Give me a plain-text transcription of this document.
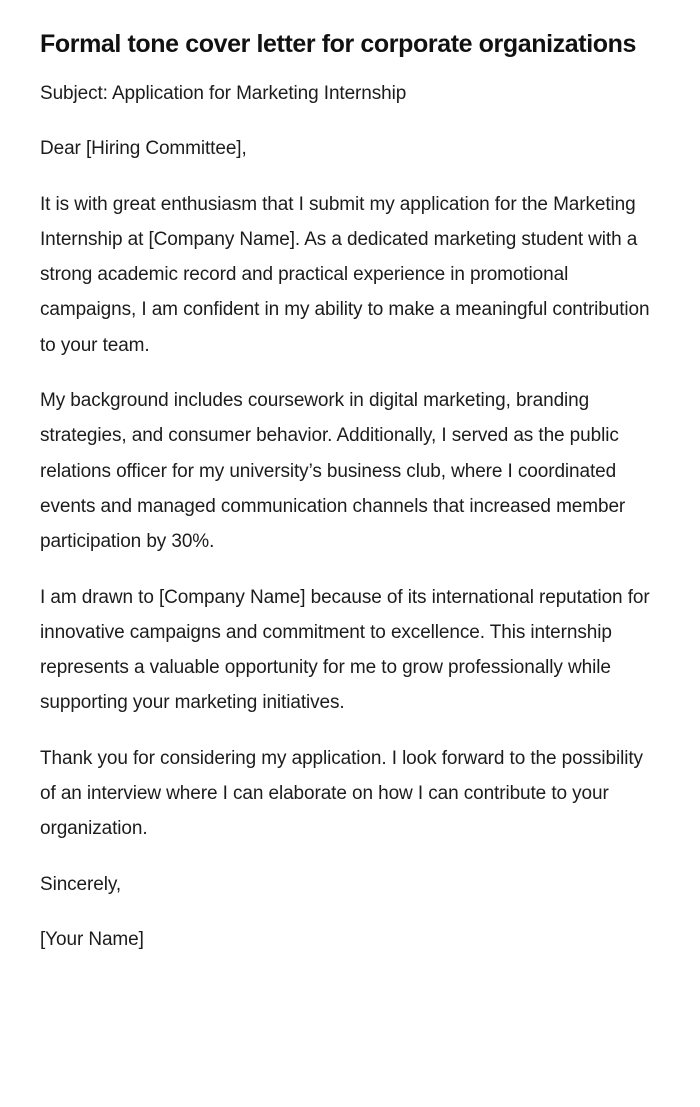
Formal tone cover letter for corporate organizations

Subject: Application for Marketing Internship

Dear [Hiring Committee],

It is with great enthusiasm that I submit my application for the Marketing Internship at [Company Name]. As a dedicated marketing student with a strong academic record and practical experience in promotional campaigns, I am confident in my ability to make a meaningful contribution to your team.

My background includes coursework in digital marketing, branding strategies, and consumer behavior. Additionally, I served as the public relations officer for my university’s business club, where I coordinated events and managed communication channels that increased member participation by 30%.

I am drawn to [Company Name] because of its international reputation for innovative campaigns and commitment to excellence. This internship represents a valuable opportunity for me to grow professionally while supporting your marketing initiatives.

Thank you for considering my application. I look forward to the possibility of an interview where I can elaborate on how I can contribute to your organization.

Sincerely,

[Your Name]
